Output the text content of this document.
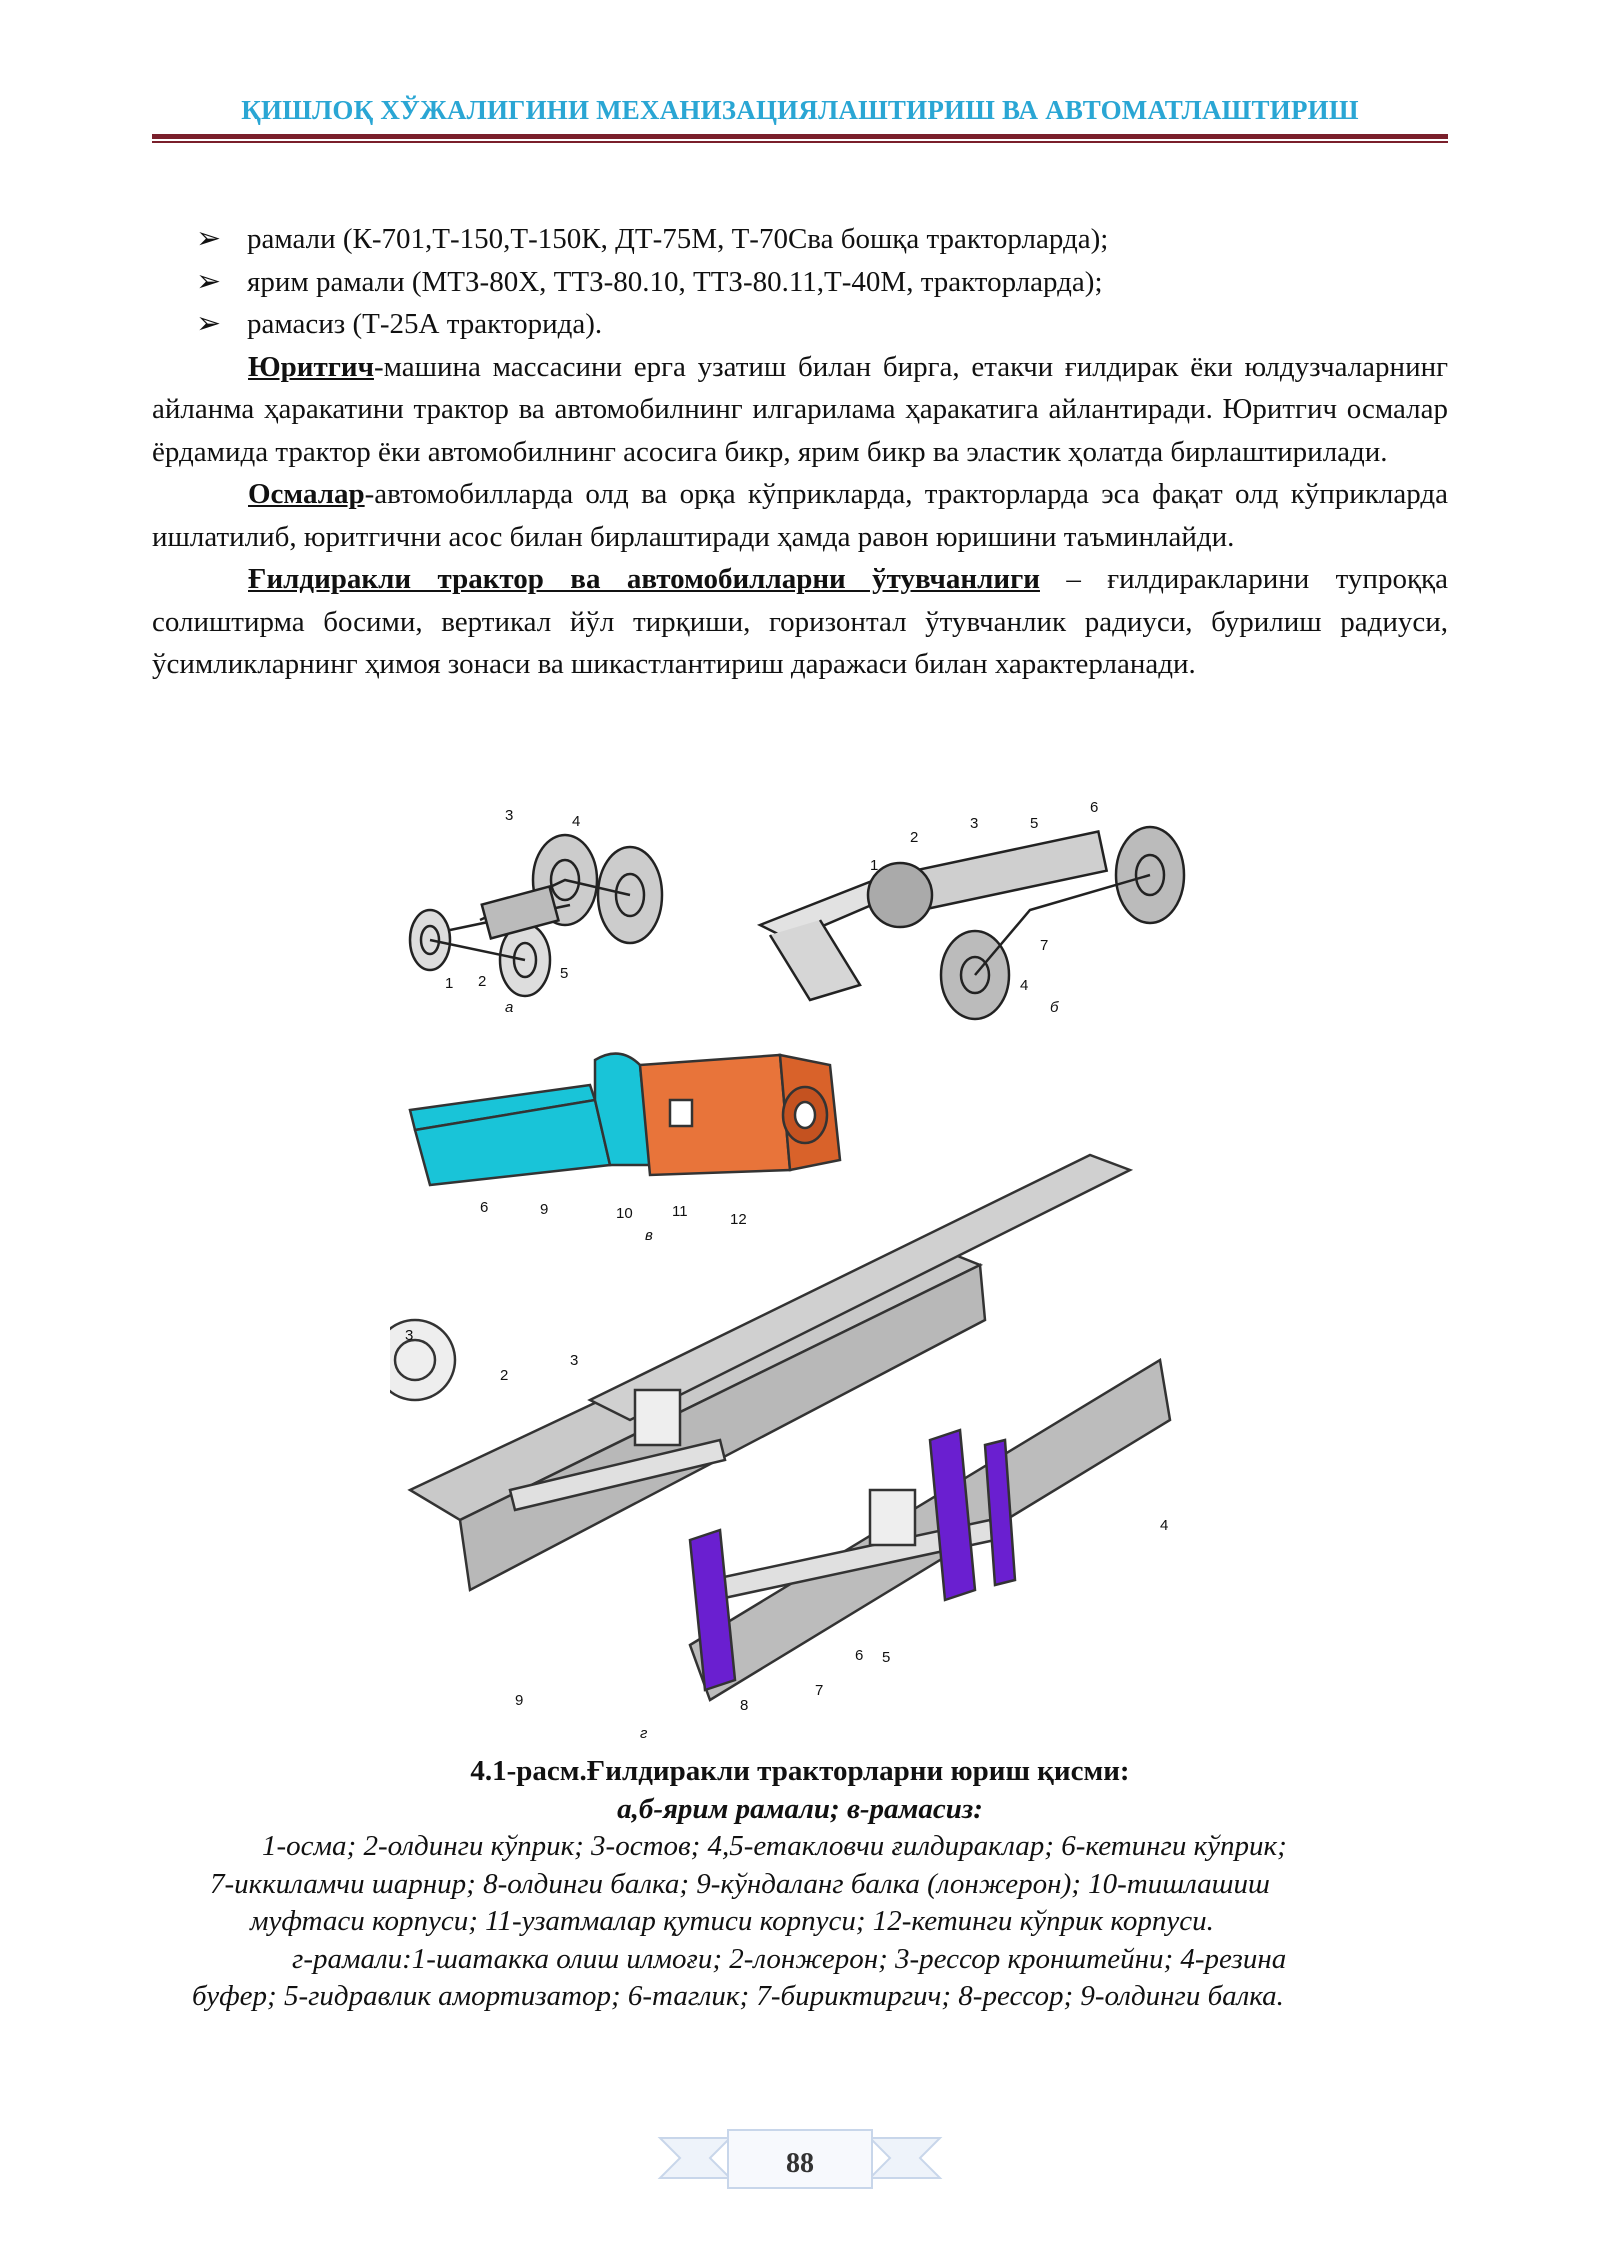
ҚИШЛОҚ ХЎЖАЛИГИНИ МЕХАНИЗАЦИЯЛАШТИРИШ ВА АВТОМАТЛАШТИРИШ
➢ рамали (К-701,Т-150,Т-150К, ДТ-75М, Т-70Сва бошқа тракторларда);
➢ ярим рамали (МТЗ-80Х, ТТЗ-80.10, ТТЗ-80.11,Т-40М, тракторларда);
➢ рамасиз (Т-25А тракторида).

Юритгич-машина массасини ерга узатиш билан бирга, етакчи ғилдирак ёки юлдузчаларнинг айланма ҳаракатини трактор ва автомобилнинг илгарилама ҳаракатига айлантиради. Юритгич осмалар ёрдамида трактор ёки автомобилнинг асосига бикр, ярим бикр ва эластик ҳолатда бирлаштирилади.

Осмалар-автомобилларда олд ва орқа кўприкларда, тракторларда эса фақат олд кўприкларда ишлатилиб, юритгични асос билан бирлаштиради ҳамда равон юришини таъминлайди.

Ғилдиракли трактор ва автомобилларни ўтувчанлиги – ғилдиракларини тупроққа солиштирма босими, вертикал йўл тирқиши, горизонтал ўтувчанлик радиуси, бурилиш радиуси, ўсимликларнинг ҳимоя зонаси ва шикастлантириш даражаси билан характерланади.

3	4
1 2	5
а
1
2
3	5
6
7
4
б
6	9	10	11	12
в
3
2
3
4
9	8
7
6 5
г
4.1-расм.Ғилдиракли тракторларни юриш қисми:
а,б-ярим рамали; в-рамасиз:
1-осма; 2-олдинги кўприк; 3-остов; 4,5-етакловчи ғилдираклар; 6-кетинги кўприк;
7-иккиламчи шарнир; 8-олдинги балка; 9-кўндаланг балка (лонжерон); 10-тишлашиш
муфтаси корпуси; 11-узатмалар қутиси корпуси; 12-кетинги кўприк корпуси.
г-рамали:1-шатакка олиш илмоғи; 2-лонжерон; 3-рессор кронштейни; 4-резина
буфер; 5-гидравлик амортизатор; 6-таглик; 7-бириктиргич; 8-рессор; 9-олдинги балка.
88
